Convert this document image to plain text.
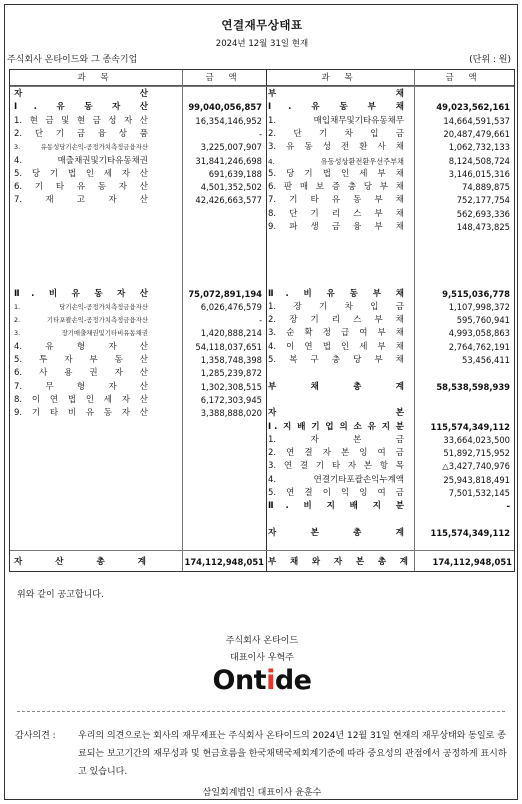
연결재무상태표
2024년 12월 31일 현재
주식회사 온타이드와 그 종속기업	(단위 : 원)
과 목	금 액	과 목	금 액
자 산
Ⅰ. 유 동 자 산	99,040,056,857
1. 현 금 및 현 금 성 자 산	16,354,146,952
2. 단 기 금 융 상 품	-
3. 유동성당기손익-공정가치측정금융자산	3,225,007,907
4. 매출채권및기타유동채권	31,841,246,698
5. 당 기 법 인 세 자 산	691,639,188
6. 기 타 유 동 자 산	4,501,352,502
7. 재 고 자 산	42,426,663,577
Ⅱ. 비 유 동 자 산	75,072,891,194
1. 당기손익-공정가치측정금융자산	6,026,476,579
2. 기타포괄손익-공정가치측정금융자산	-
3. 장기매출채권및기타비유동채권	1,420,888,214
4. 유 형 자 산	54,118,037,651
5. 투 자 부 동 산	1,358,748,398
6. 사 용 권 자 산	1,285,239,872
7. 무 형 자 산	1,302,308,515
8. 이 연 법 인 세 자 산	6,172,303,945
9. 기 타 비 유 동 자 산	3,388,888,020
부 채
Ⅰ. 유 동 부 채	49,023,562,161
1. 매입채무및기타유동채무	14,664,591,537
2. 단 기 차 입 금	20,487,479,661
3. 유 동 성 전 환 사 채	1,062,732,133
4. 유동성상환전환우선주부채	8,124,508,724
5. 당 기 법 인 세 부 채	3,146,015,316
6. 판 매 보 증 충 당 부 채	74,889,875
7. 기 타 유 동 부 채	752,177,754
8. 단 기 리 스 부 채	562,693,336
9. 파 생 금 융 부 채	148,473,825
Ⅱ. 비 유 동 부 채	9,515,036,778
1. 장 기 차 입 금	1,107,998,372
2. 장 기 리 스 부 채	595,760,941
3. 순 확 정 급 여 부 채	4,993,058,863
4. 이 연 법 인 세 부 채	2,764,762,191
5. 복 구 충 당 부 채	53,456,411
부 채 총 계	58,538,598,939
자 본
Ⅰ. 지 배 기 업 의 소 유 지 분	115,574,349,112
1. 자 본 금	33,664,023,500
2. 연 결 자 본 잉 여 금	51,892,715,952
3. 연 결 기 타 자 본 항 목	△3,427,740,976
4. 연결기타포괄손익누계액	25,943,818,491
5. 연 결 이 익 잉 여 금	7,501,532,145
Ⅱ. 비 지 배 지 분	-
자 본 총 계	115,574,349,112
자 산 총 계	174,112,948,051 부 채 와 자 본 총 계	174,112,948,051
위와 같이 공고합니다.
주식회사 온타이드
대표이사 우혁주
Ontide
감사의견 : 우리의 의견으로는 회사의 재무제표는 주식회사 온타이드의 2024년 12월 31일 현재의 재무상태와 동일로 종료되는 보고기간의 재무성과 및 현금흐름을 한국채택국제회계기준에 따라 중요성의 관점에서 공정하게 표시하고 있습니다.
삼일회계법인 대표이사 윤훈수
